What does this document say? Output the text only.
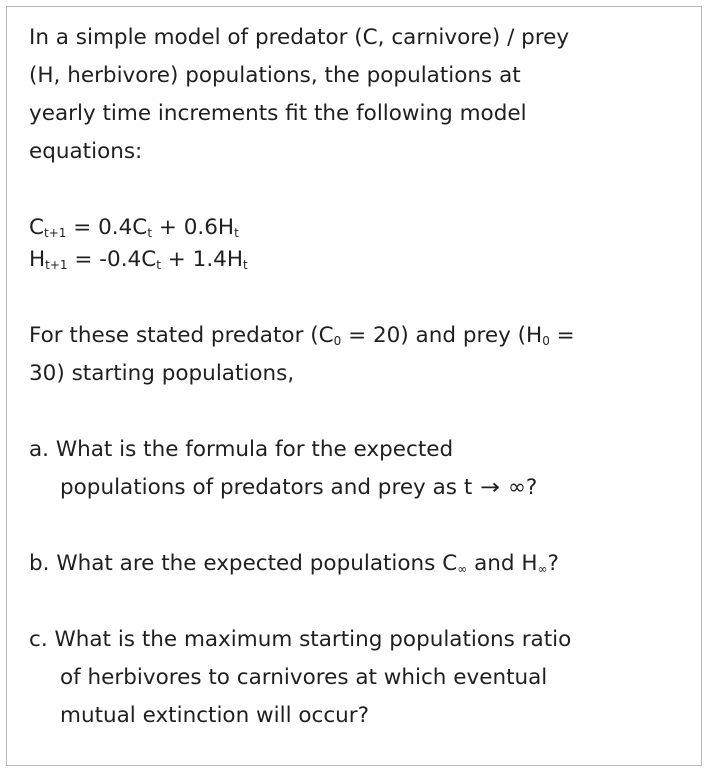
In a simple model of predator (C, carnivore) / prey
(H, herbivore) populations, the populations at
yearly time increments fit the following model
equations:
$C_{t+1} = 0.4C_t + 0.6H_t$
$H_{t+1} = -0.4C_t + 1.4H_t$
For these stated predator $(C_0 = 20)$ and prey ($H_0$ =
30) starting populations,
a. What is the formula for the expected
populations of predators and prey as t → ∞?
b. What are the expected populations $C_\infty$ and $H_\infty$?
c. What is the maximum starting populations ratio
of herbivores to carnivores at which eventual
mutual extinction will occur?
